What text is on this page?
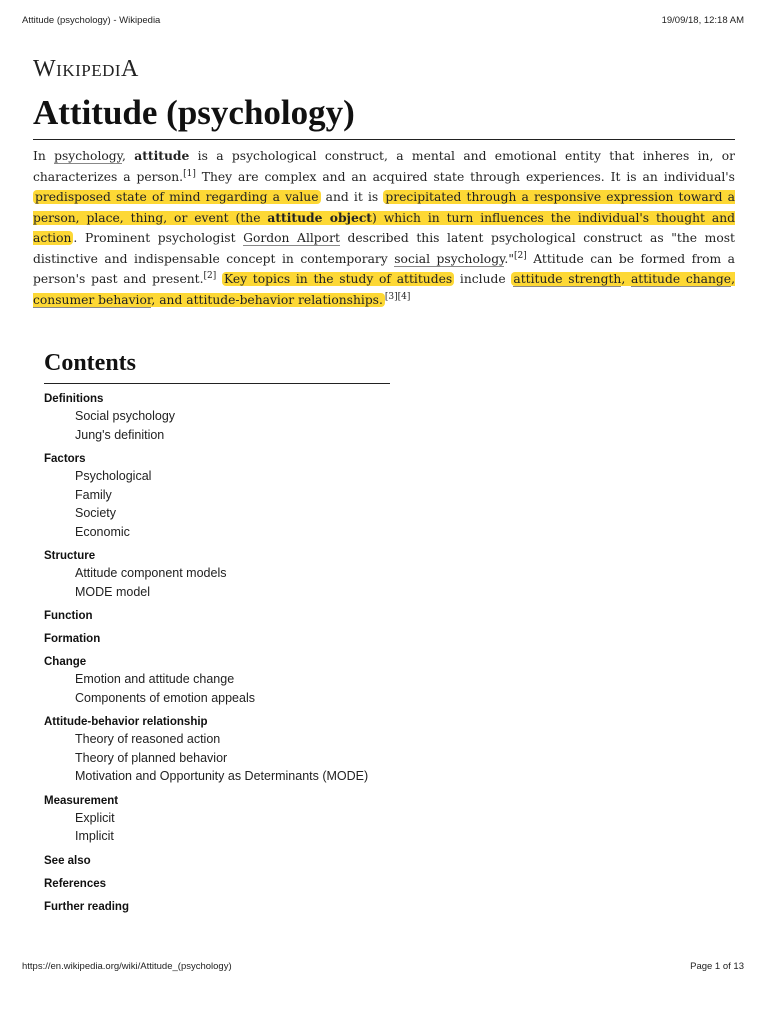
Attitude (psychology) - Wikipedia	19/09/18, 12:18 AM
WIKIPEDIA
Attitude (psychology)

In psychology, attitude is a psychological construct, a mental and emotional entity that inheres in, or characterizes a person.[1] They are complex and an acquired state through experiences. It is an individual's predisposed state of mind regarding a value and it is precipitated through a responsive expression toward a person, place, thing, or event (the attitude object) which in turn influences the individual's thought and action . Prominent psychologist Gordon Allport described this latent psychological construct as "the most distinctive and indispensable concept in contemporary social psychology."[2] Attitude can be formed from a person's past and present.[2] Key topics in the study of attitudes include attitude strength, attitude change, consumer behavior, and attitude-behavior relationships. [3][4]

Contents
Definitions
Social psychology
Jung's definition
Factors
Psychological
Family
Society
Economic
Structure
Attitude component models
MODE model
Function
Formation
Change
Emotion and attitude change
Components of emotion appeals
Attitude-behavior relationship
Theory of reasoned action
Theory of planned behavior
Motivation and Opportunity as Determinants (MODE)
Measurement
Explicit
Implicit
See also
References
Further reading
https://en.wikipedia.org/wiki/Attitude_(psychology)	Page 1 of 13
